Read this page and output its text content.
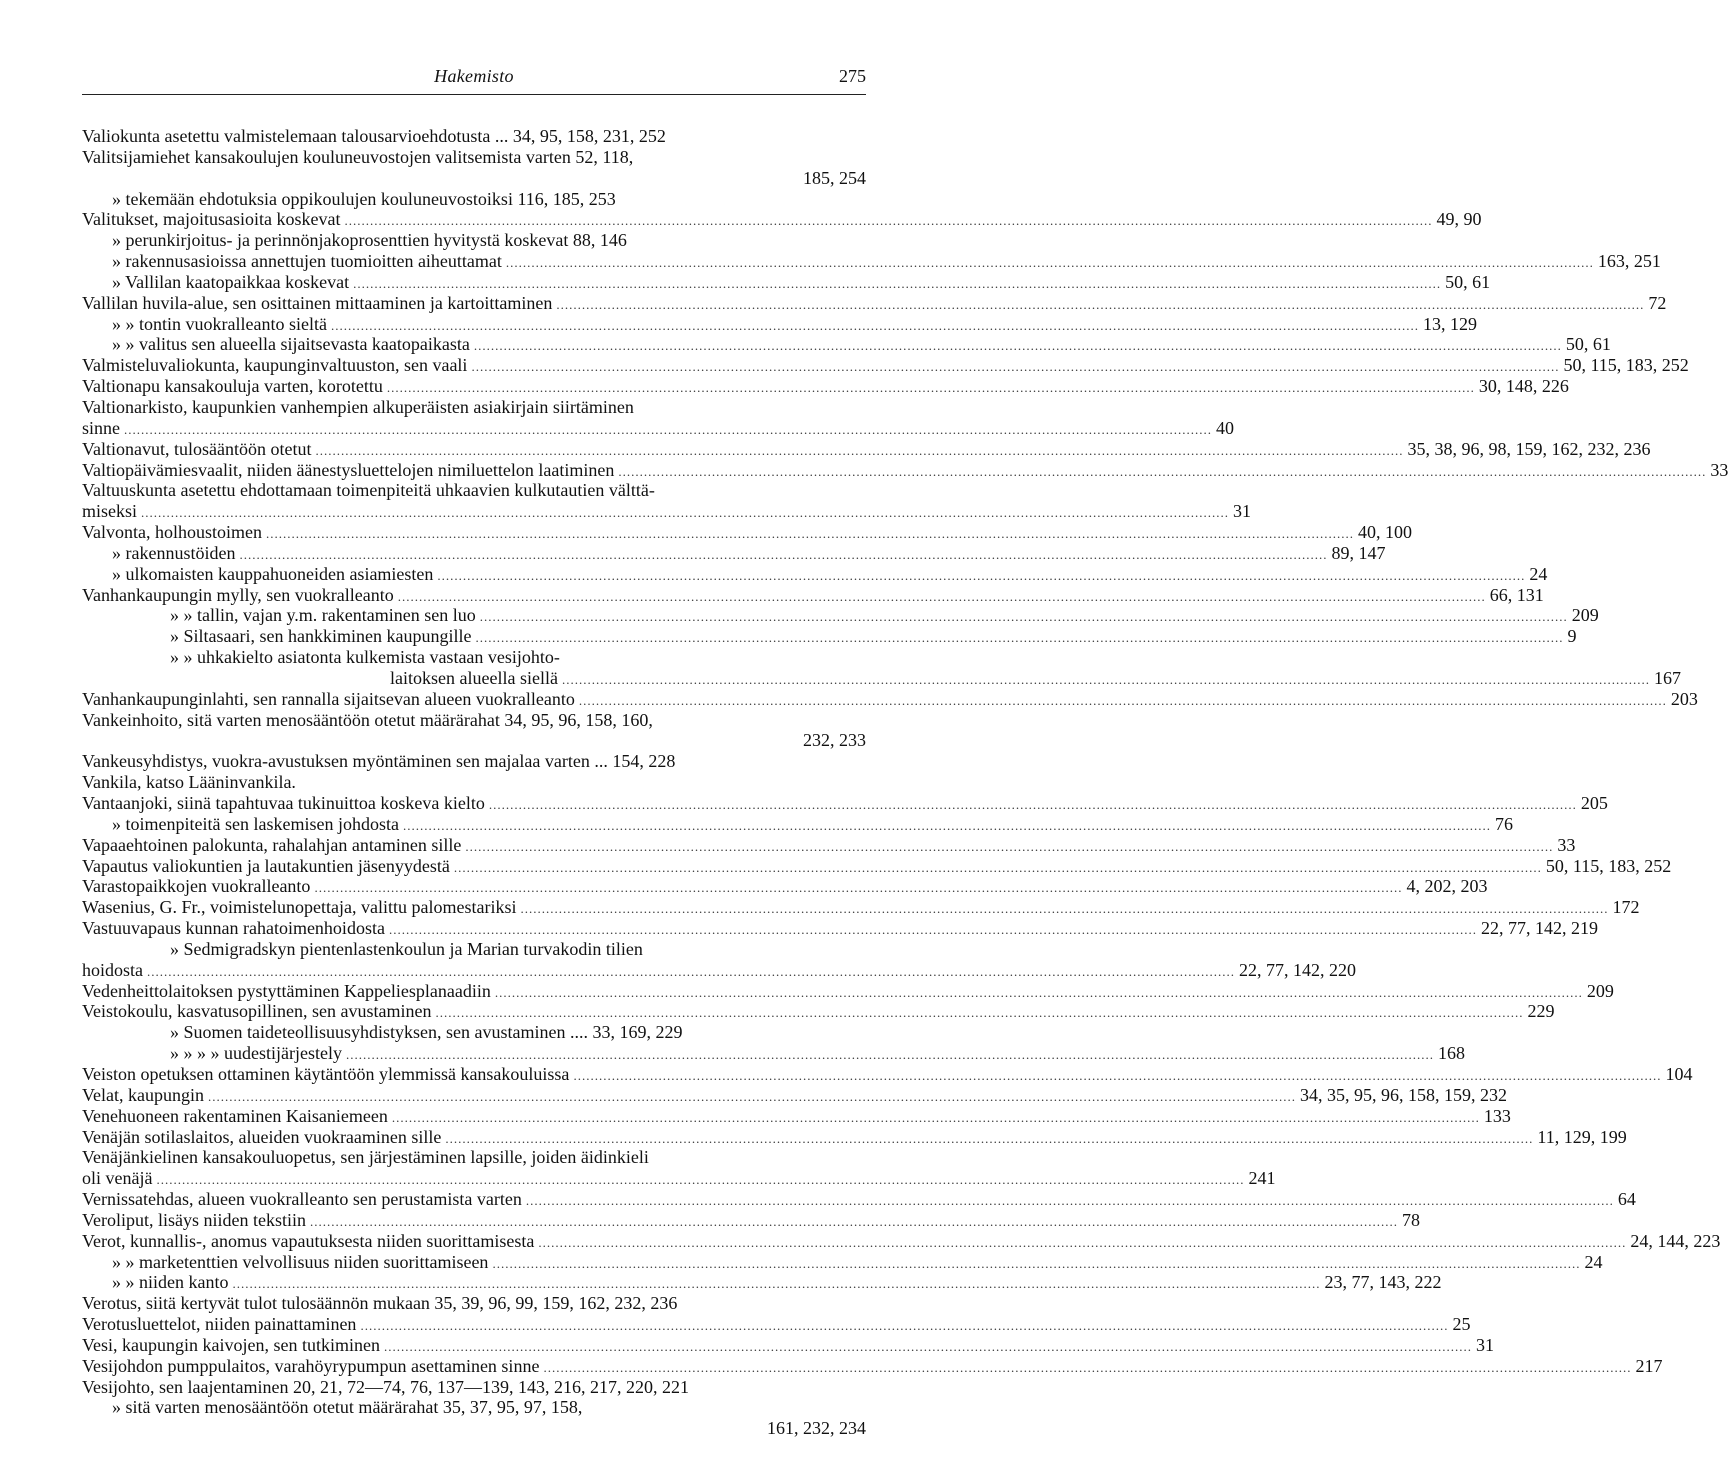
Hakemisto	275
Valiokunta asetettu valmistelemaan talousarvioehdotusta ... 34, 95, 158, 231, 252
Valitsijamiehet kansakoulujen kouluneuvostojen valitsemista varten 52, 118,
185, 254
» tekemään ehdotuksia oppikoulujen kouluneuvostoiksi 116, 185, 253
Valitukset, majoitusasioita koskevat .....	49, 90
» perunkirjoitus- ja perinnönjakoprosenttien hyvitystä koskevat 88, 146
» rakennusasioissa annettujen tuomioitten aiheuttamat .....	163, 251
» Vallilan kaatopaikkaa koskevat .....	50, 61
Vallilan huvila-alue, sen osittainen mittaaminen ja kartoittaminen .....	72
» » tontin vuokralleanto sieltä .....	13, 129
» » valitus sen alueella sijaitsevasta kaatopaikasta .....	50, 61
Valmisteluvaliokunta, kaupunginvaltuuston, sen vaali .....	50, 115, 183, 252
Valtionapu kansakouluja varten, korotettu .....	30, 148, 226
Valtionarkisto, kaupunkien vanhempien alkuperäisten asiakirjain siirtäminen
sinne .....	40
Valtionavut, tulosääntöön otetut .....	35, 38, 96, 98, 159, 162, 232, 236
Valtiopäivämiesvaalit, niiden äänestysluettelojen nimiluettelon laatiminen .....	33
Valtuuskunta asetettu ehdottamaan toimenpiteitä uhkaavien kulkutautien välttä-
miseksi .....	31
Valvonta, holhoustoimen .....	40, 100
» rakennustöiden .....	89, 147
» ulkomaisten kauppahuoneiden asiamiesten .....	24
Vanhankaupungin mylly, sen vuokralleanto .....	66, 131
» » tallin, vajan y.m. rakentaminen sen luo .....	209
» Siltasaari, sen hankkiminen kaupungille .....	9
» » uhkakielto asiatonta kulkemista vastaan vesijohto-
laitoksen alueella siellä .....	167
Vanhankaupunginlahti, sen rannalla sijaitsevan alueen vuokralleanto .....	203
Vankeinhoito, sitä varten menosääntöön otetut määrärahat 34, 95, 96, 158, 160,
232, 233
Vankeusyhdistys, vuokra-avustuksen myöntäminen sen majalaa varten ... 154, 228
Vankila, katso Lääninvankila.
Vantaanjoki, siinä tapahtuvaa tukinuittoa koskeva kielto .....	205
» toimenpiteitä sen laskemisen johdosta .....	76
Vapaaehtoinen palokunta, rahalahjan antaminen sille .....	33
Vapautus valiokuntien ja lautakuntien jäsenyydestä .....	50, 115, 183, 252
Varastopaikkojen vuokralleanto .....	4, 202, 203
Wasenius, G. Fr., voimistelunopettaja, valittu palomestariksi .....	172
Vastuuvapaus kunnan rahatoimenhoidosta .....	22, 77, 142, 219
» Sedmigradskyn pientenlastenkoulun ja Marian turvakodin tilien
hoidosta .....	22, 77, 142, 220
Vedenheittolaitoksen pystyttäminen Kappeliesplanaadiin .....	209
Veistokoulu, kasvatusopillinen, sen avustaminen .....	229
» Suomen taideteollisuusyhdistyksen, sen avustaminen .... 33, 169, 229
» » » » uudestijärjestely .....	168
Veiston opetuksen ottaminen käytäntöön ylemmissä kansakouluissa .....	104
Velat, kaupungin .....	34, 35, 95, 96, 158, 159, 232
Venehuoneen rakentaminen Kaisaniemeen .....	133
Venäjän sotilaslaitos, alueiden vuokraaminen sille .....	11, 129, 199
Venäjänkielinen kansakouluopetus, sen järjestäminen lapsille, joiden äidinkieli
oli venäjä .....	241
Vernissatehdas, alueen vuokralleanto sen perustamista varten .....	64
Veroliput, lisäys niiden tekstiin .....	78
Verot, kunnallis-, anomus vapautuksesta niiden suorittamisesta .....	24, 144, 223
» » marketenttien velvollisuus niiden suorittamiseen .....	24
» » niiden kanto .....	23, 77, 143, 222
Verotus, siitä kertyvät tulot tulosäännön mukaan 35, 39, 96, 99, 159, 162, 232, 236
Verotusluettelot, niiden painattaminen .....	25
Vesi, kaupungin kaivojen, sen tutkiminen .....	31
Vesijohdon pumppulaitos, varahöyrypumpun asettaminen sinne .....	217
Vesijohto, sen laajentaminen 20, 21, 72—74, 76, 137—139, 143, 216, 217, 220, 221
» sitä varten menosääntöön otetut määrärahat 35, 37, 95, 97, 158,
161, 232, 234
